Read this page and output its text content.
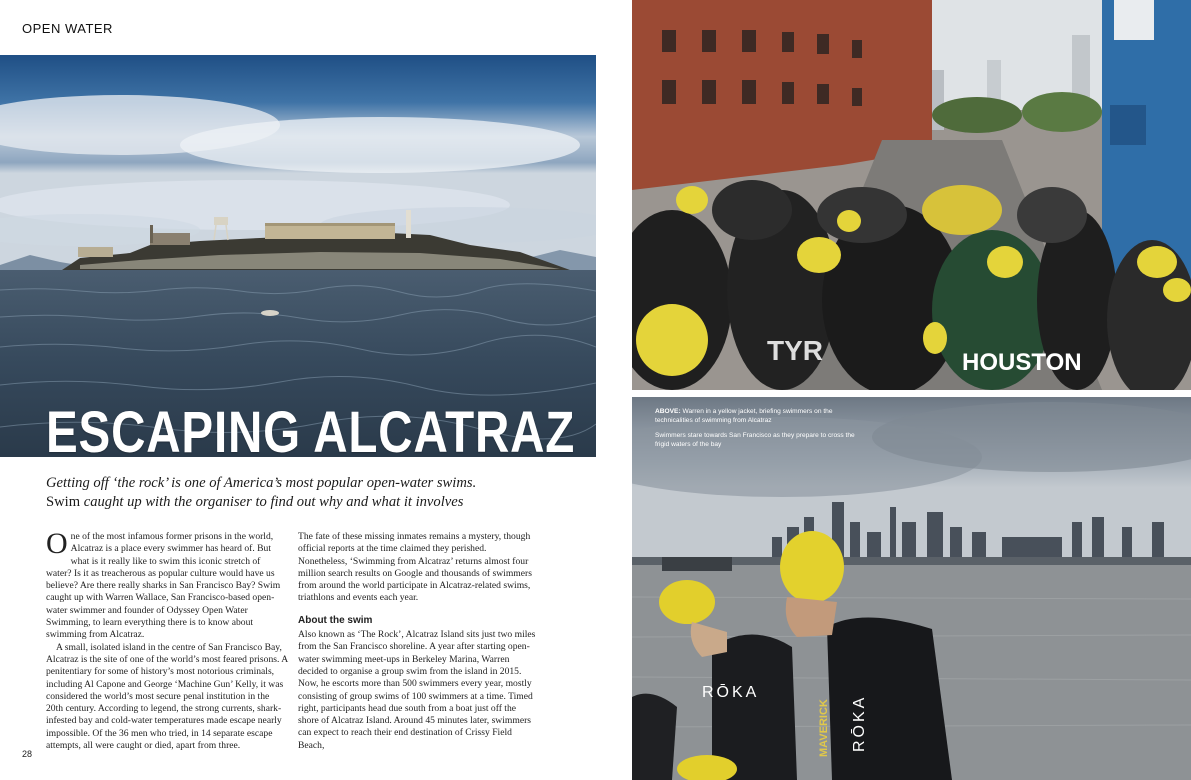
OPEN WATER
ESCAPING ALCATRAZ
Getting off ‘the rock’ is one of America’s most popular open-water swims.
Swim caught up with the organiser to find out why and what it involves

One of the most infamous former prisons in the world, Alcatraz is a place every swimmer has heard of. But what is it really like to swim this iconic stretch of water? Is it as treacherous as popular culture would have us believe? Are there really sharks in San Francisco Bay? Swim caught up with Warren Wallace, San Francisco-based open-water swimmer and founder of Odyssey Open Water Swimming, to learn everything there is to know about swimming from Alcatraz.

A small, isolated island in the centre of San Francisco Bay, Alcatraz is the site of one of the world’s most feared prisons. A penitentiary for some of history’s most notorious criminals, including Al Capone and George ‘Machine Gun’ Kelly, it was considered the world’s most secure penal institution in the 20th century. According to legend, the strong currents, shark-infested bay and cold-water temperatures made escape nearly impossible. Of the 36 men who tried, in 14 separate escape attempts, all were caught or died, apart from three.

The fate of these missing inmates remains a mystery, though official reports at the time claimed they perished. Nonetheless, ‘Swimming from Alcatraz’ returns almost four million search results on Google and thousands of swimmers from around the world participate in Alcatraz-related swims, triathlons and events each year.

About the swim

Also known as ‘The Rock’, Alcatraz Island sits just two miles from the San Francisco shoreline. A year after starting open-water swimming meet-ups in Berkeley Marina, Warren decided to organise a group swim from the island in 2015. Now, he escorts more than 500 swimmers every year, mostly consisting of group swims of 100 swimmers at a time. Timed right, participants head due south from a boat just off the shore of Alcatraz Island. Around 45 minutes later, swimmers can expect to reach their end destination of Crissy Field Beach,

28
HOUSTON
TYR
RŌKA
MAVERICK RŌKA

ABOVE: Warren in a yellow jacket, briefing swimmers on the technicalities of swimming from Alcatraz

Swimmers stare towards San Francisco as they prepare to cross the frigid waters of the bay
